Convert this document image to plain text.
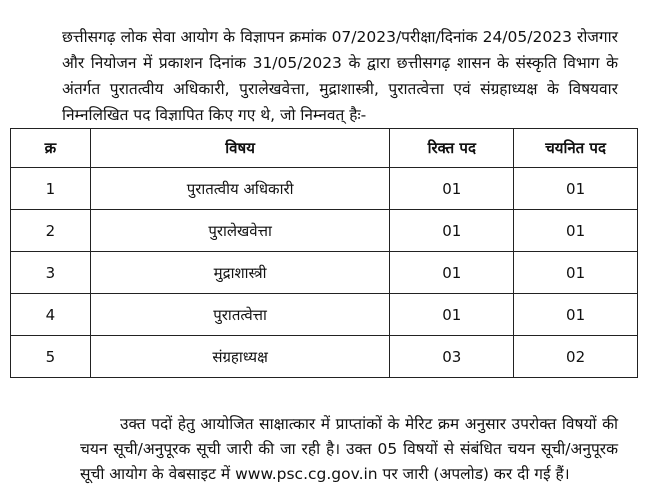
छत्तीसगढ़ लोक सेवा आयोग के विज्ञापन क्रमांक 07/2023/परीक्षा/दिनांक 24/05/2023 रोजगार और नियोजन में प्रकाशन दिनांक 31/05/2023 के द्वारा छत्तीसगढ़ शासन के संस्कृति विभाग के अंतर्गत पुरातत्वीय अधिकारी, पुरालेखवेत्ता, मुद्राशास्त्री, पुरातत्वेत्ता एवं संग्रहाध्यक्ष के विषयवार निम्नलिखित पद विज्ञापित किए गए थे, जो निम्नवत् हैः-

क्र	विषय	रिक्त पद	चयनित पद
1	पुरातत्वीय अधिकारी	01	01
2	पुरालेखवेत्ता	01	01
3	मुद्राशास्त्री	01	01
4	पुरातत्वेत्ता	01	01
5	संग्रहाध्यक्ष	03	02

उक्त पदों हेतु आयोजित साक्षात्कार में प्राप्तांकों के मेरिट क्रम अनुसार उपरोक्त विषयों की चयन सूची/अनुपूरक सूची जारी की जा रही है। उक्त 05 विषयों से संबंधित चयन सूची/अनुपूरक सूची आयोग के वेबसाइट में www.psc.cg.gov.in पर जारी (अपलोड) कर दी गई हैं।
